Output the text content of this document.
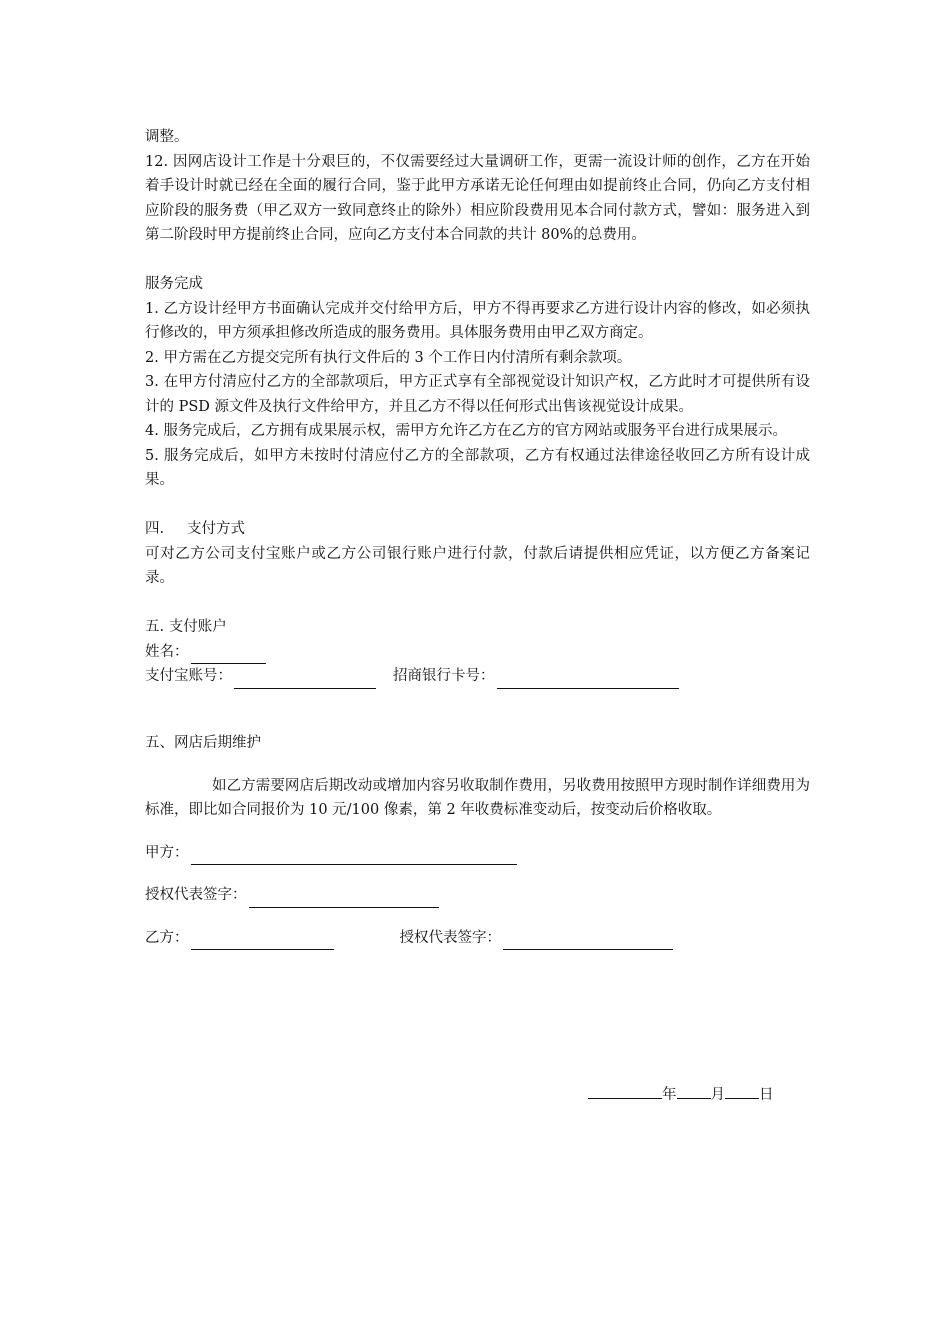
调整。

12. 因网店设计工作是十分艰巨的，不仅需要经过大量调研工作，更需一流设计师的创作，乙方在开始着手设计时就已经在全面的履行合同，鉴于此甲方承诺无论任何理由如提前终止合同，仍向乙方支付相应阶段的服务费（甲乙双方一致同意终止的除外）相应阶段费用见本合同付款方式，譬如：服务进入到第二阶段时甲方提前终止合同，应向乙方支付本合同款的共计 80%的总费用。

服务完成

1. 乙方设计经甲方书面确认完成并交付给甲方后，甲方不得再要求乙方进行设计内容的修改，如必须执行修改的，甲方须承担修改所造成的服务费用。具体服务费用由甲乙双方商定。

2. 甲方需在乙方提交完所有执行文件后的 3 个工作日内付清所有剩余款项。

3. 在甲方付清应付乙方的全部款项后，甲方正式享有全部视觉设计知识产权，乙方此时才可提供所有设计的 PSD 源文件及执行文件给甲方，并且乙方不得以任何形式出售该视觉设计成果。

4. 服务完成后，乙方拥有成果展示权，需甲方允许乙方在乙方的官方网站或服务平台进行成果展示。

5. 服务完成后，如甲方未按时付清应付乙方的全部款项，乙方有权通过法律途径收回乙方所有设计成果。

四. 支付方式

可对乙方公司支付宝账户或乙方公司银行账户进行付款，付款后请提供相应凭证，以方便乙方备案记录。

五. 支付账户

姓名：
支付宝账号：	招商银行卡号：

五、网店后期维护

如乙方需要网店后期改动或增加内容另收取制作费用，另收费用按照甲方现时制作详细费用为标准，即比如合同报价为 10 元/100 像素，第 2 年收费标准变动后，按变动后价格收取。

甲方：
授权代表签字：
乙方：	授权代表签字：
年 月 日
